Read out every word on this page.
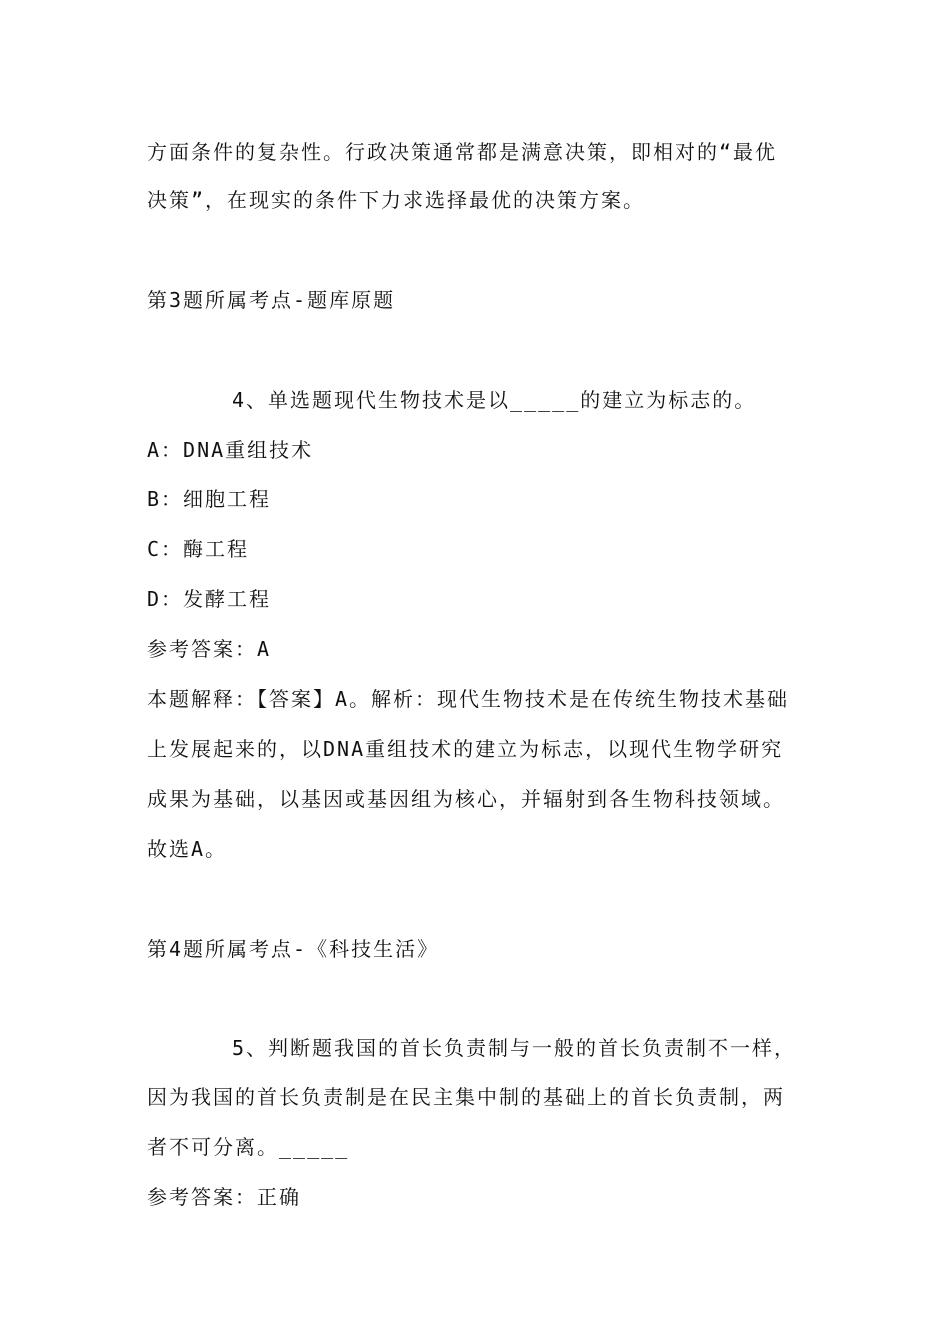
方面条件的复杂性。行政决策通常都是满意决策，即相对的“最优
决策”，在现实的条件下力求选择最优的决策方案。
第3题所属考点-题库原题
4、单选题现代生物技术是以_____的建立为标志的。
A：DNA重组技术
B：细胞工程
C：酶工程
D：发酵工程
参考答案：A
本题解释：【答案】A。解析：现代生物技术是在传统生物技术基础
上发展起来的，以DNA重组技术的建立为标志，以现代生物学研究
成果为基础，以基因或基因组为核心，并辐射到各生物科技领域。
故选A。
第4题所属考点-《科技生活》
5、判断题我国的首长负责制与一般的首长负责制不一样，
因为我国的首长负责制是在民主集中制的基础上的首长负责制，两
者不可分离。_____
参考答案：正确
